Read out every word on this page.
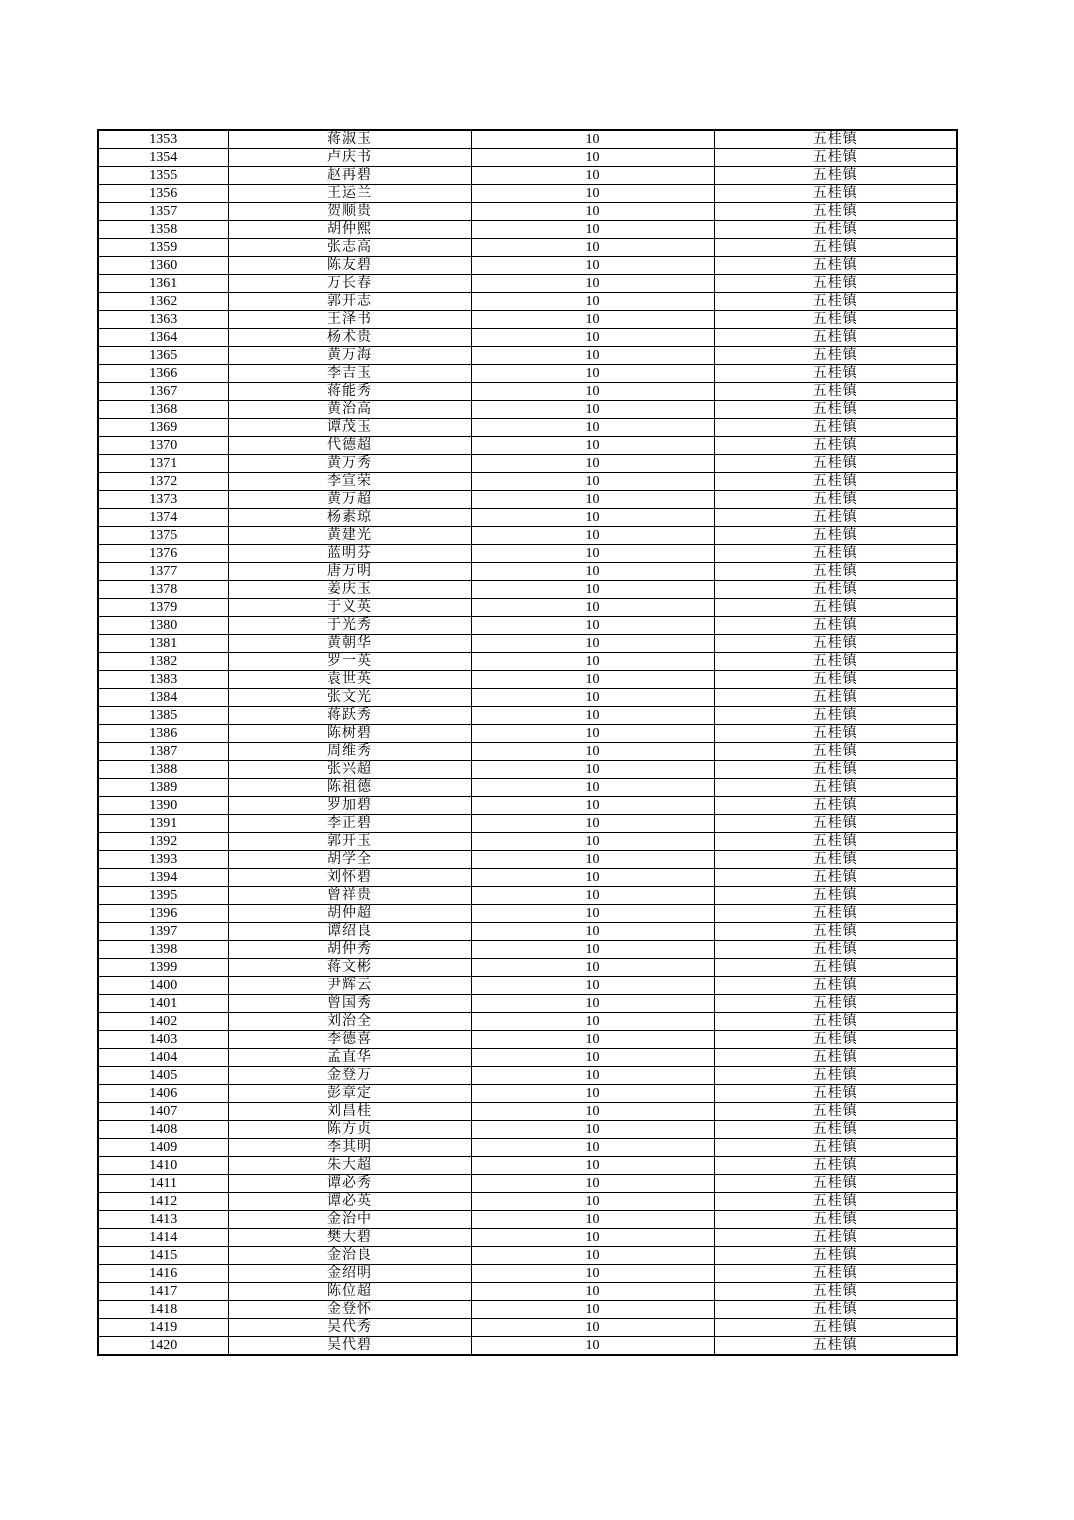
1353	蒋淑玉	10	五桂镇
1354	卢庆书	10	五桂镇
1355	赵再碧	10	五桂镇
1356	王运兰	10	五桂镇
1357	贺顺贵	10	五桂镇
1358	胡仲熙	10	五桂镇
1359	张志高	10	五桂镇
1360	陈友碧	10	五桂镇
1361	万长春	10	五桂镇
1362	郭开志	10	五桂镇
1363	王泽书	10	五桂镇
1364	杨术贵	10	五桂镇
1365	黄万海	10	五桂镇
1366	李吉玉	10	五桂镇
1367	蒋能秀	10	五桂镇
1368	黄治高	10	五桂镇
1369	谭茂玉	10	五桂镇
1370	代德超	10	五桂镇
1371	黄万秀	10	五桂镇
1372	李宣荣	10	五桂镇
1373	黄万超	10	五桂镇
1374	杨素琼	10	五桂镇
1375	黄建光	10	五桂镇
1376	蓝明芬	10	五桂镇
1377	唐万明	10	五桂镇
1378	姜庆玉	10	五桂镇
1379	于义英	10	五桂镇
1380	于光秀	10	五桂镇
1381	黄朝华	10	五桂镇
1382	罗一英	10	五桂镇
1383	袁世英	10	五桂镇
1384	张文光	10	五桂镇
1385	蒋跃秀	10	五桂镇
1386	陈树碧	10	五桂镇
1387	周维秀	10	五桂镇
1388	张兴超	10	五桂镇
1389	陈祖德	10	五桂镇
1390	罗加碧	10	五桂镇
1391	李正碧	10	五桂镇
1392	郭开玉	10	五桂镇
1393	胡学全	10	五桂镇
1394	刘怀碧	10	五桂镇
1395	曾祥贵	10	五桂镇
1396	胡仲超	10	五桂镇
1397	谭绍良	10	五桂镇
1398	胡仲秀	10	五桂镇
1399	蒋文彬	10	五桂镇
1400	尹辉云	10	五桂镇
1401	曾国秀	10	五桂镇
1402	刘治全	10	五桂镇
1403	李德喜	10	五桂镇
1404	孟直华	10	五桂镇
1405	金登万	10	五桂镇
1406	彭章定	10	五桂镇
1407	刘昌桂	10	五桂镇
1408	陈方贞	10	五桂镇
1409	李其明	10	五桂镇
1410	朱大超	10	五桂镇
1411	谭必秀	10	五桂镇
1412	谭必英	10	五桂镇
1413	金治中	10	五桂镇
1414	樊大碧	10	五桂镇
1415	金治良	10	五桂镇
1416	金绍明	10	五桂镇
1417	陈位超	10	五桂镇
1418	金登怀	10	五桂镇
1419	吴代秀	10	五桂镇
1420	吴代碧	10	五桂镇
